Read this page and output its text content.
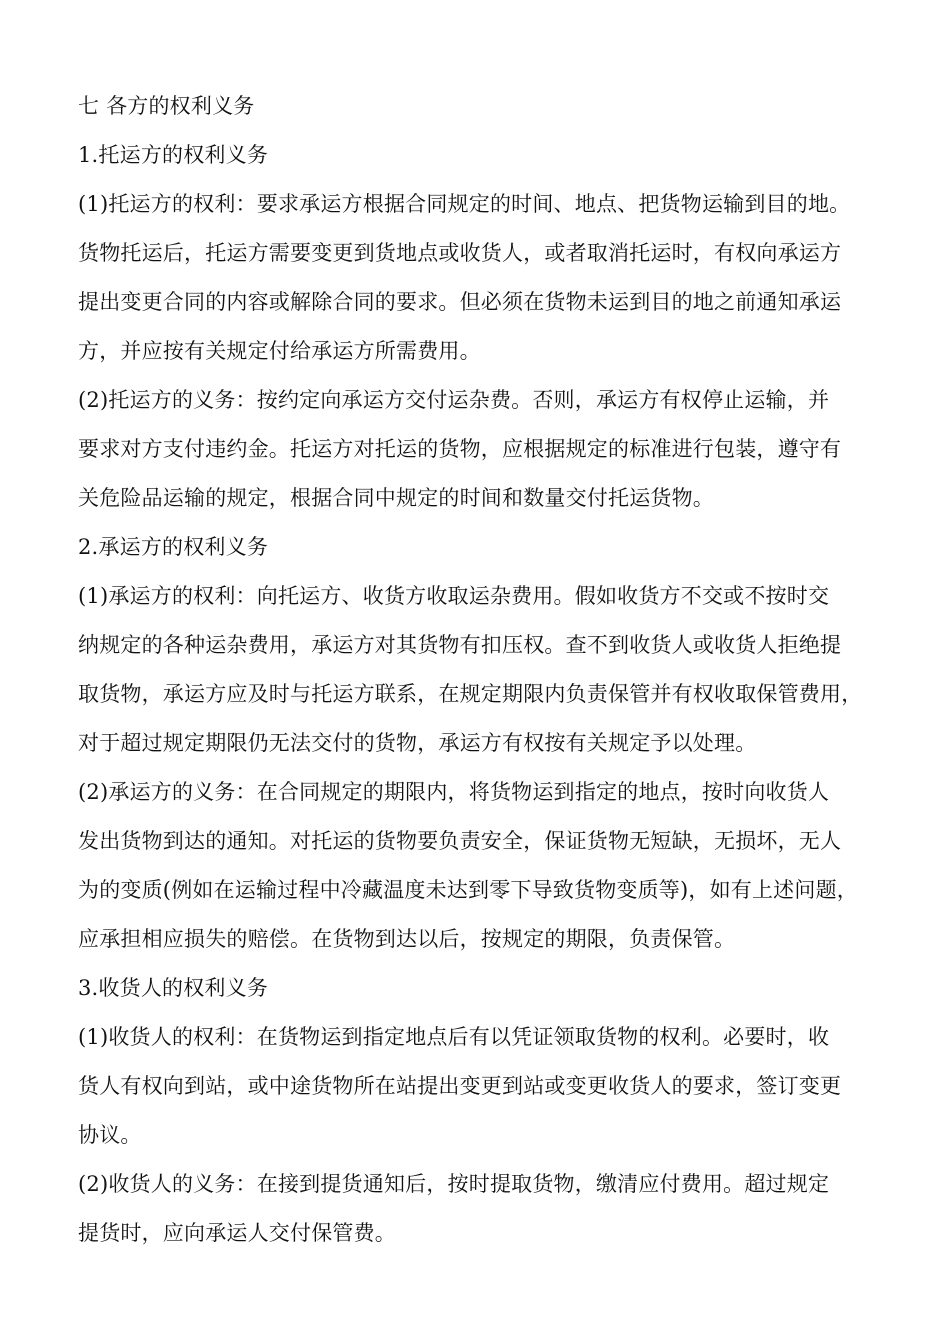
七 各方的权利义务
1.托运方的权利义务
(1)托运方的权利：要求承运方根据合同规定的时间、地点、把货物运输到目的地。
货物托运后，托运方需要变更到货地点或收货人，或者取消托运时，有权向承运方
提出变更合同的内容或解除合同的要求。但必须在货物未运到目的地之前通知承运
方，并应按有关规定付给承运方所需费用。
(2)托运方的义务：按约定向承运方交付运杂费。否则，承运方有权停止运输，并
要求对方支付违约金。托运方对托运的货物，应根据规定的标准进行包装，遵守有
关危险品运输的规定，根据合同中规定的时间和数量交付托运货物。
2.承运方的权利义务
(1)承运方的权利：向托运方、收货方收取运杂费用。假如收货方不交或不按时交
纳规定的各种运杂费用，承运方对其货物有扣压权。查不到收货人或收货人拒绝提
取货物，承运方应及时与托运方联系，在规定期限内负责保管并有权收取保管费用，
对于超过规定期限仍无法交付的货物，承运方有权按有关规定予以处理。
(2)承运方的义务：在合同规定的期限内，将货物运到指定的地点，按时向收货人
发出货物到达的通知。对托运的货物要负责安全，保证货物无短缺，无损坏，无人
为的变质(例如在运输过程中冷藏温度未达到零下导致货物变质等)，如有上述问题，
应承担相应损失的赔偿。在货物到达以后，按规定的期限，负责保管。
3.收货人的权利义务
(1)收货人的权利：在货物运到指定地点后有以凭证领取货物的权利。必要时，收
货人有权向到站，或中途货物所在站提出变更到站或变更收货人的要求，签订变更
协议。
(2)收货人的义务：在接到提货通知后，按时提取货物，缴清应付费用。超过规定
提货时，应向承运人交付保管费。
